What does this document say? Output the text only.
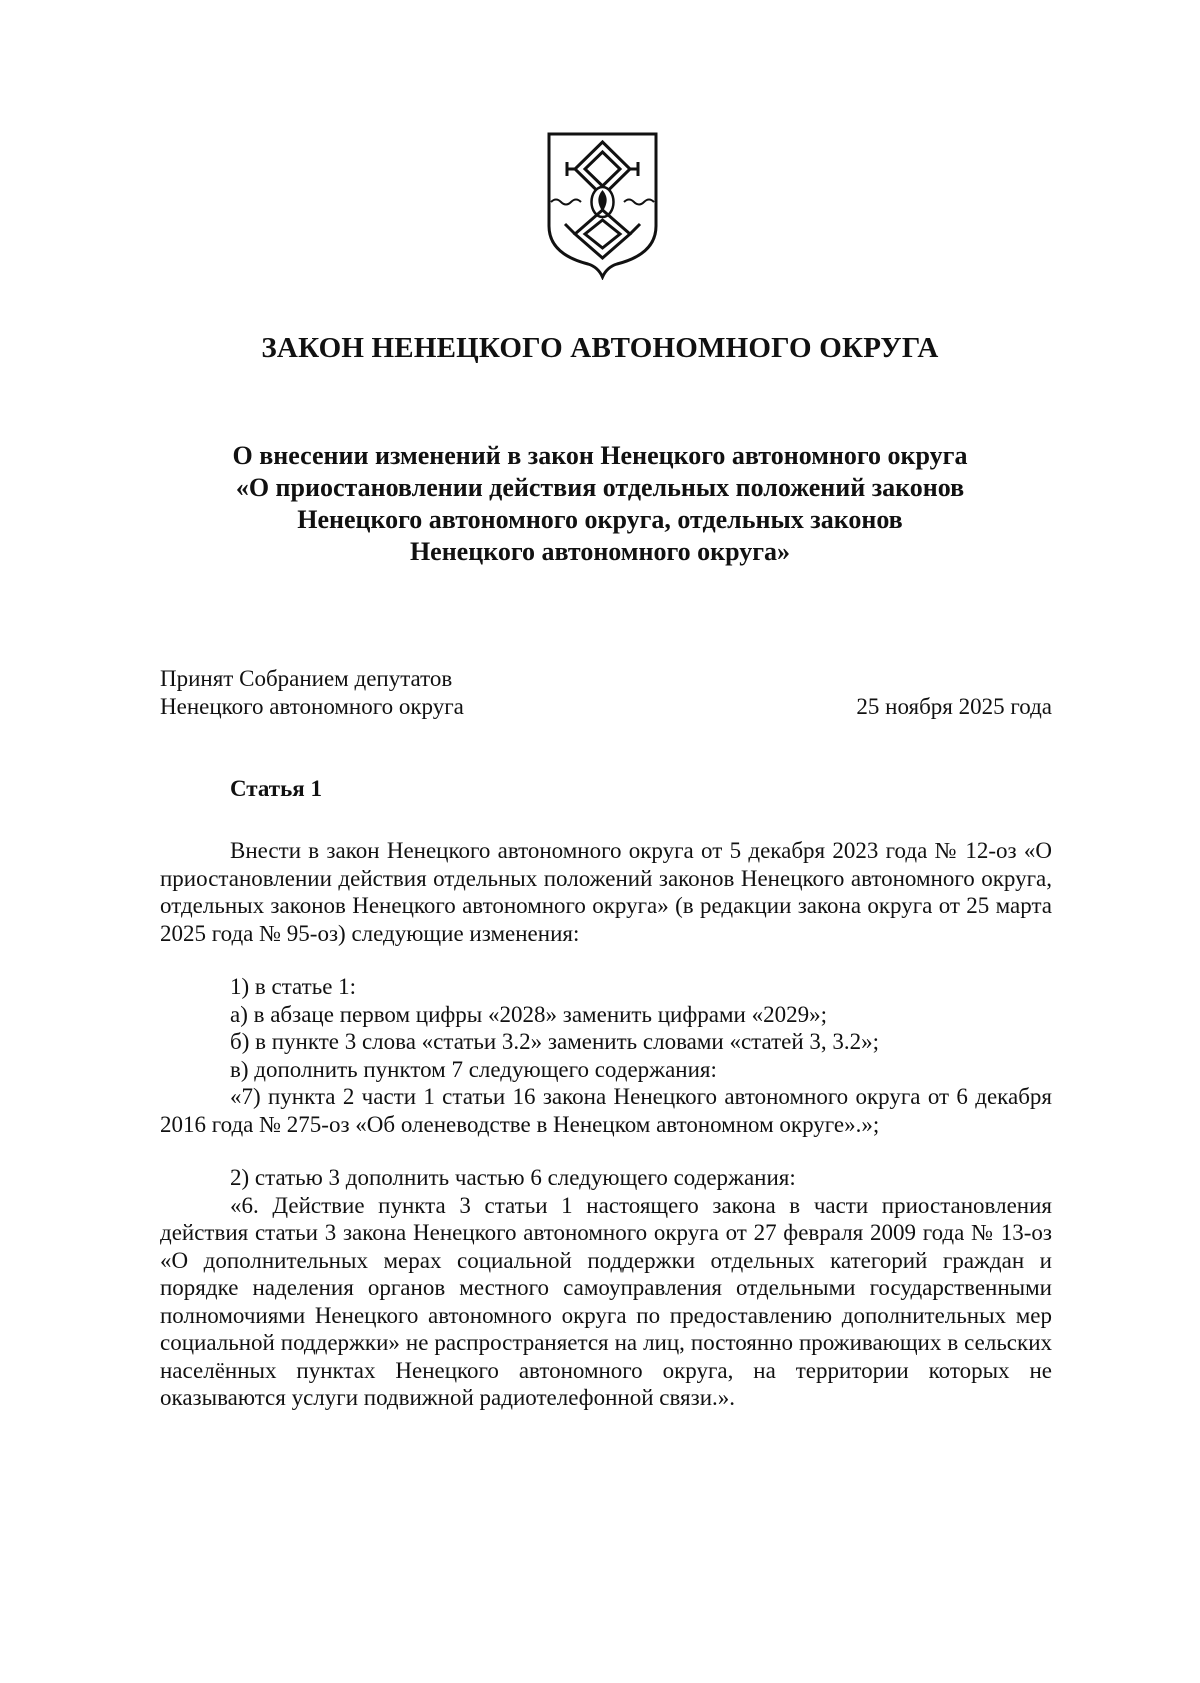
ЗАКОН НЕНЕЦКОГО АВТОНОМНОГО ОКРУГА
О внесении изменений в закон Ненецкого автономного округа
«О приостановлении действия отдельных положений законов
Ненецкого автономного округа, отдельных законов
Ненецкого автономного округа»
Принят Собранием депутатов
Ненецкого автономного округа	25 ноября 2025 года
Статья 1

Внести в закон Ненецкого автономного округа от 5 декабря 2023 года № 12-оз «О приостановлении действия отдельных положений законов Ненецкого автономного округа, отдельных законов Ненецкого автономного округа» (в редакции закона округа от 25 марта 2025 года № 95-оз) следующие изменения:

1) в статье 1:

а) в абзаце первом цифры «2028» заменить цифрами «2029»;

б) в пункте 3 слова «статьи 3.2» заменить словами «статей 3, 3.2»;

в) дополнить пунктом 7 следующего содержания:

«7) пункта 2 части 1 статьи 16 закона Ненецкого автономного округа от 6 декабря 2016 года № 275-оз «Об оленеводстве в Ненецком автономном округе».»;

2) статью 3 дополнить частью 6 следующего содержания:

«6. Действие пункта 3 статьи 1 настоящего закона в части приостановления действия статьи 3 закона Ненецкого автономного округа от 27 февраля 2009 года № 13-оз «О дополнительных мерах социальной поддержки отдельных категорий граждан и порядке наделения органов местного самоуправления отдельными государственными полномочиями Ненецкого автономного округа по предоставлению дополнительных мер социальной поддержки» не распространяется на лиц, постоянно проживающих в сельских населённых пунктах Ненецкого автономного округа, на территории которых не оказываются услуги подвижной радиотелефонной связи.».
